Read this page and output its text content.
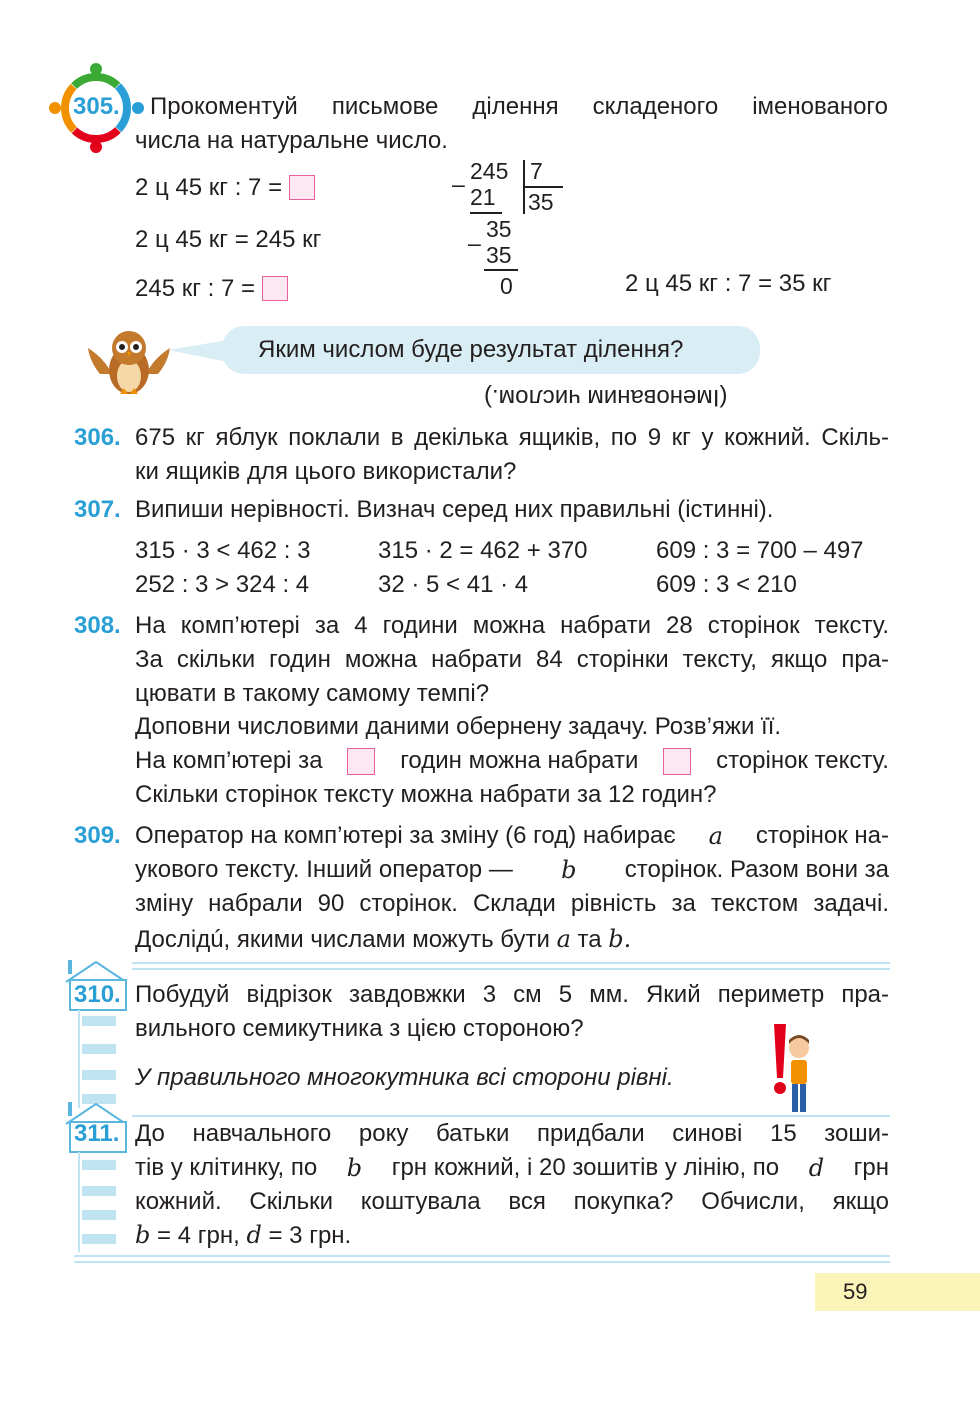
305. Прокоментуй письмове ділення складеного іменованого
числа на натуральне число.
2 ц 45 кг : 7 =
2 ц 45 кг = 245 кг
245 кг : 7 =
– 245 7
35
21
–
35
35
0	2 ц 45 кг : 7 = 35 кг
Яким числом буде результат ділення?
(Іменованим числом.)
306. 675 кг яблук поклали в декілька ящиків, по 9 кг у кожний. Скіль-
ки ящиків для цього використали?
307. Випиши нерівності. Визнач серед них правильні (істинні).
315 · 3 < 462 : 3	315 · 2 = 462 + 370	609 : 3 = 700 – 497
252 : 3 > 324 : 4	32 · 5 < 41 · 4	609 : 3 < 210
308. На комп’ютері за 4 години можна набрати 28 сторінок тексту.
За скільки годин можна набрати 84 сторінки тексту, якщо пра-
цювати в такому самому темпі?
Доповни числовими даними обернену задачу. Розв’яжи її.
На комп’ютері за	годин можна набрати	сторінок тексту.
Скільки сторінок тексту можна набрати за 12 годин?
309. Оператор на комп’ютері за зміну (6 год) набирає a сторінок на-
укового тексту. Інший оператор — b сторінок. Разом вони за
зміну набрали 90 сторінок. Склади рівність за текстом задачі.
Дослідú, якими числами можуть бути a та b.
310. Побудуй відрізок завдовжки 3 см 5 мм. Який периметр пра-
вильного семикутника з цією стороною?
У правильного многокутника всі сторони рівні.
311. До навчального року батьки придбали синові 15 зоши-
тів у клітинку, по b грн кожний, і 20 зошитів у лінію, по d грн
кожний. Скільки коштувала вся покупка? Обчисли, якщо
b = 4 грн, d = 3 грн.
59
